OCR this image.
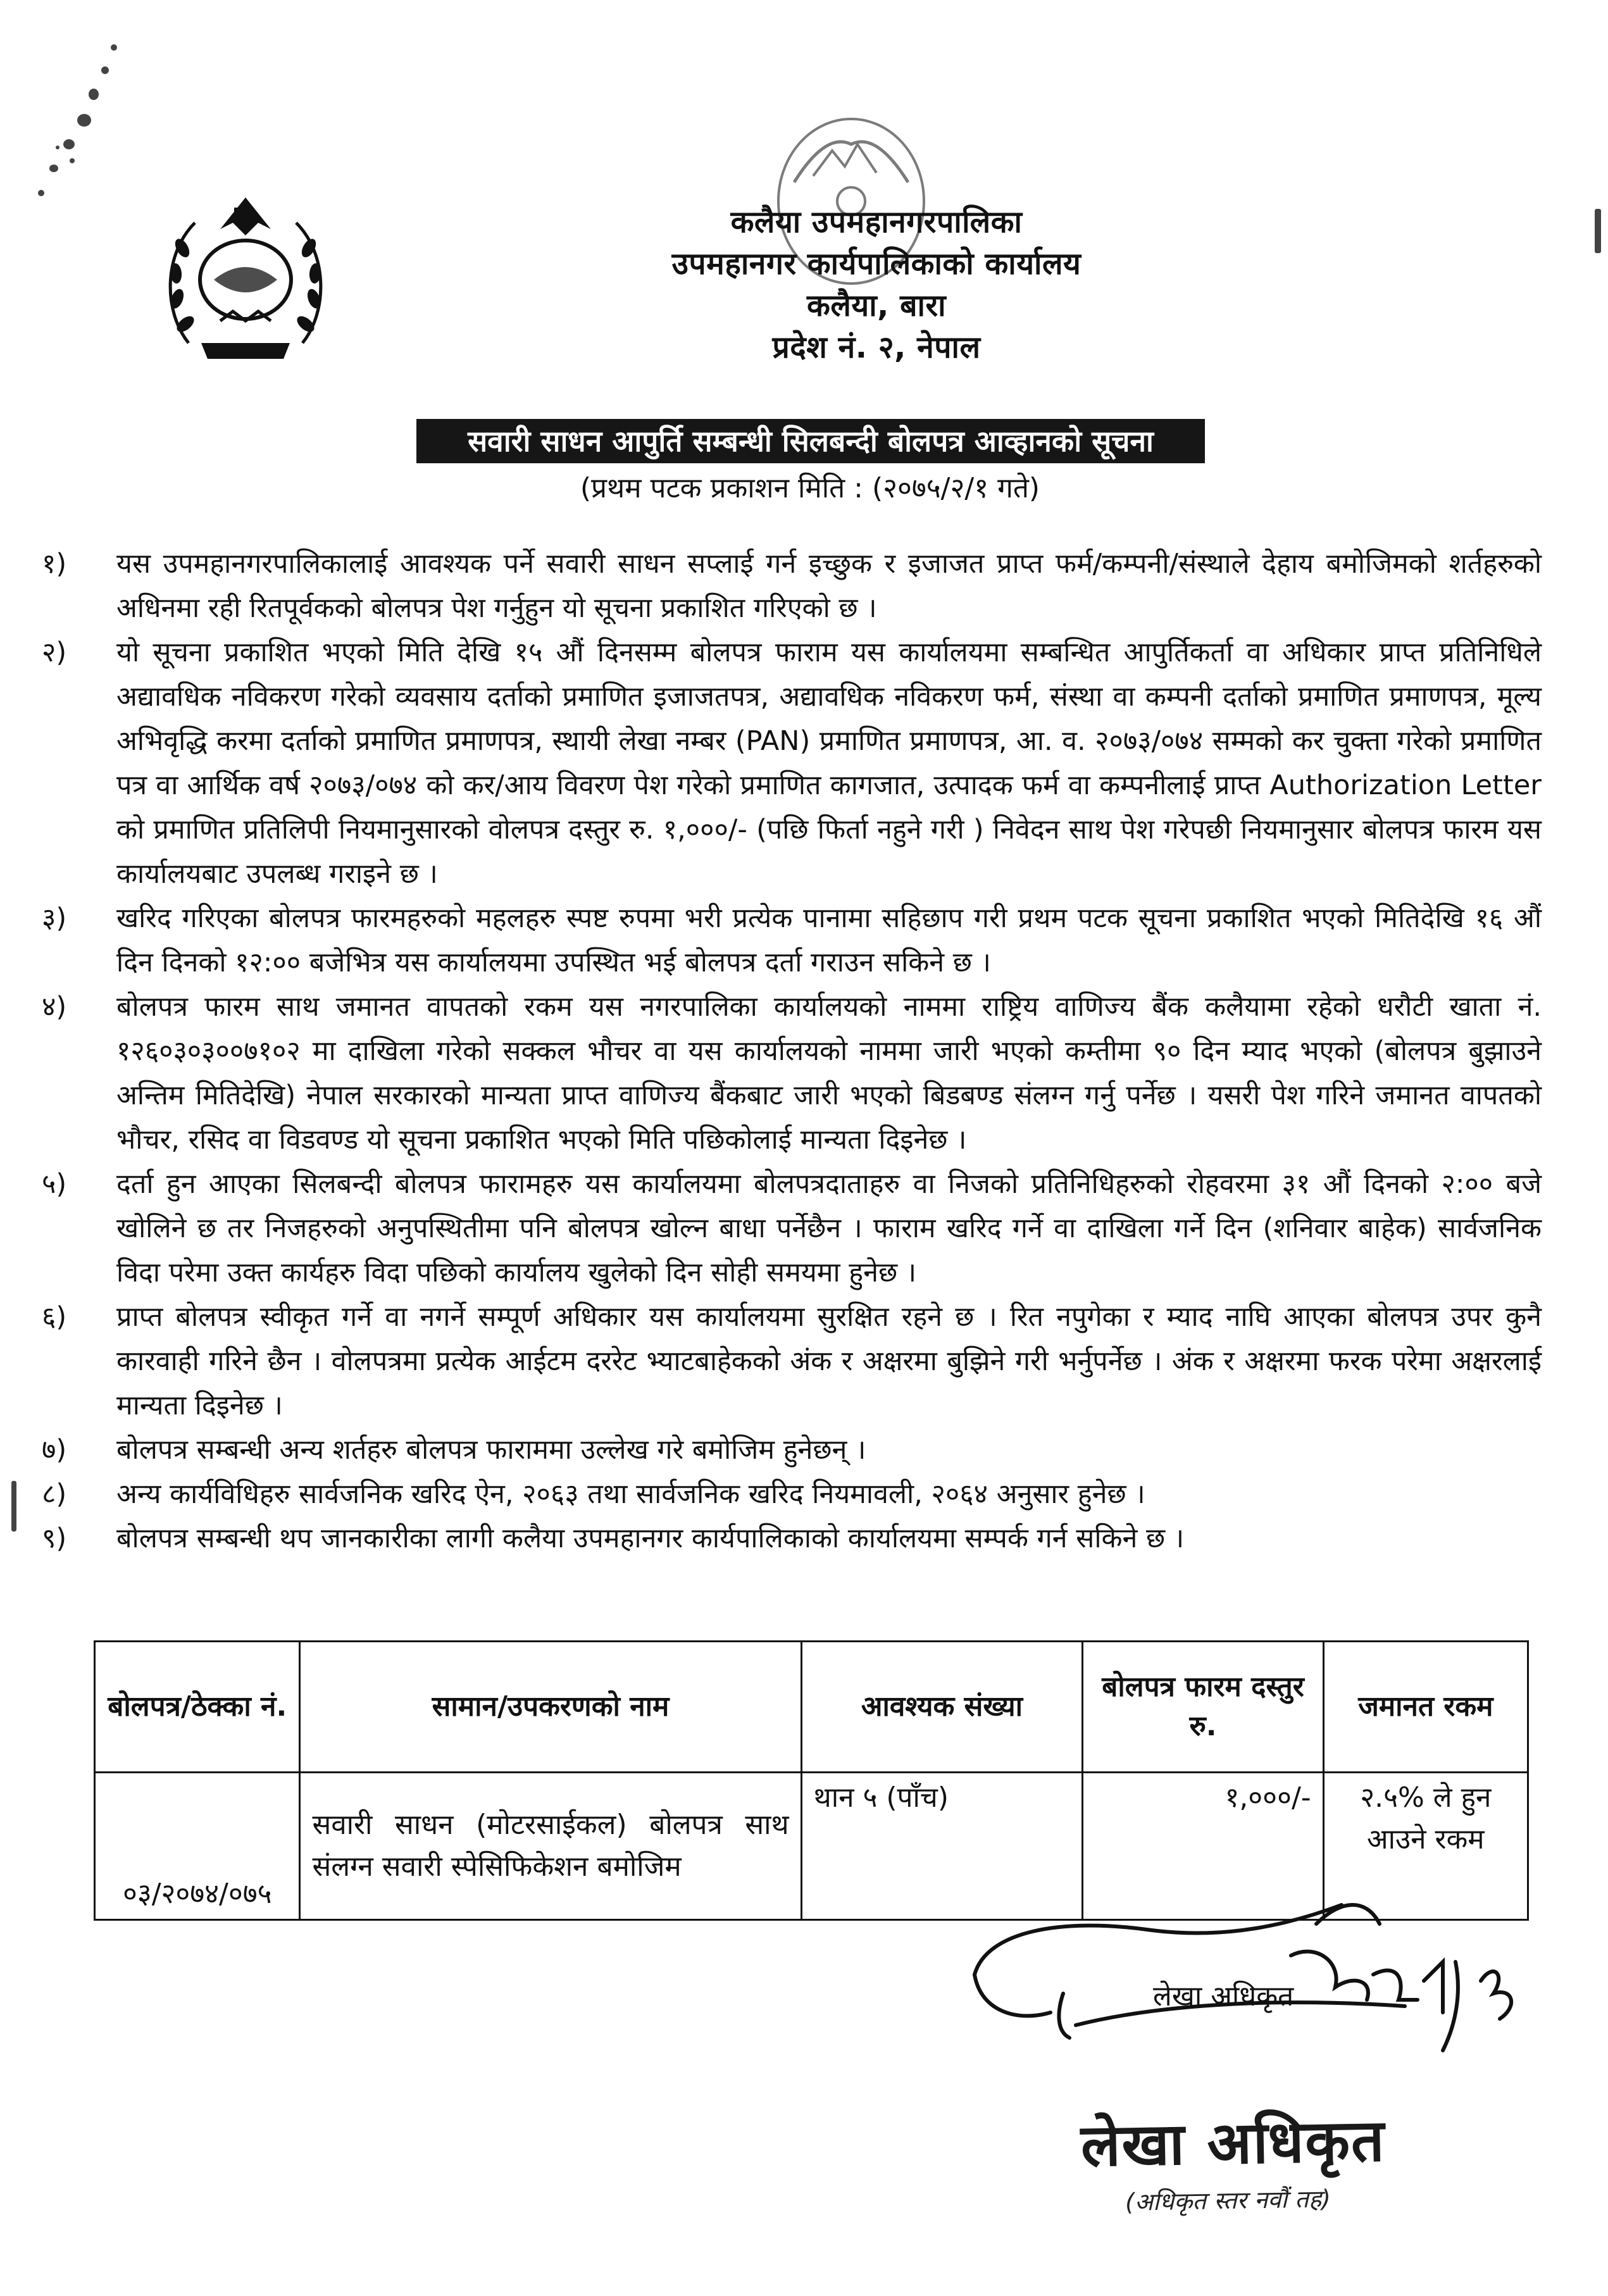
कलैया उपमहानगरपालिका
उपमहानगर कार्यपालिकाको कार्यालय
कलैया, बारा
प्रदेश नं. २, नेपाल
सवारी साधन आपुर्ति सम्बन्धी सिलबन्दी बोलपत्र आव्हानको सूचना
(प्रथम पटक प्रकाशन मिति : (२०७५/२/१ गते)
१)	यस उपमहानगरपालिकालाई आवश्यक पर्ने सवारी साधन सप्लाई गर्न इच्छुक र इजाजत प्राप्त फर्म/कम्पनी/संस्थाले देहाय बमोजिमको शर्तहरुको अधिनमा रही रितपूर्वकको बोलपत्र पेश गर्नुहुन यो सूचना प्रकाशित गरिएको छ ।
२)	यो सूचना प्रकाशित भएको मिति देखि १५ औं दिनसम्म बोलपत्र फाराम यस कार्यालयमा सम्बन्धित आपुर्तिकर्ता वा अधिकार प्राप्त प्रतिनिधिले अद्यावधिक नविकरण गरेको व्यवसाय दर्ताको प्रमाणित इजाजतपत्र, अद्यावधिक नविकरण फर्म, संस्था वा कम्पनी दर्ताको प्रमाणित प्रमाणपत्र, मूल्य अभिवृद्धि करमा दर्ताको प्रमाणित प्रमाणपत्र, स्थायी लेखा नम्बर (PAN) प्रमाणित प्रमाणपत्र, आ. व. २०७३/०७४ सम्मको कर चुक्ता गरेको प्रमाणित पत्र वा आर्थिक वर्ष २०७३/०७४ को कर/आय विवरण पेश गरेको प्रमाणित कागजात, उत्पादक फर्म वा कम्पनीलाई प्राप्त Authorization Letter को प्रमाणित प्रतिलिपी नियमानुसारको वोलपत्र दस्तुर रु. १,०००/- (पछि फिर्ता नहुने गरी ) निवेदन साथ पेश गरेपछी नियमानुसार बोलपत्र फारम यस कार्यालयबाट उपलब्ध गराइने छ ।
३)	खरिद गरिएका बोलपत्र फारमहरुको महलहरु स्पष्ट रुपमा भरी प्रत्येक पानामा सहिछाप गरी प्रथम पटक सूचना प्रकाशित भएको मितिदेखि १६ औं दिन दिनको १२:०० बजेभित्र यस कार्यालयमा उपस्थित भई बोलपत्र दर्ता गराउन सकिने छ ।
४)	बोलपत्र फारम साथ जमानत वापतको रकम यस नगरपालिका कार्यालयको नाममा राष्ट्रिय वाणिज्य बैंक कलैयामा रहेको धरौटी खाता नं. १२६०३०३००७१०२ मा दाखिला गरेको सक्कल भौचर वा यस कार्यालयको नाममा जारी भएको कम्तीमा ९० दिन म्याद भएको (बोलपत्र बुझाउने अन्तिम मितिदेखि) नेपाल सरकारको मान्यता प्राप्त वाणिज्य बैंकबाट जारी भएको बिडबण्ड संलग्न गर्नु पर्नेछ । यसरी पेश गरिने जमानत वापतको भौचर, रसिद वा विडवण्ड यो सूचना प्रकाशित भएको मिति पछिकोलाई मान्यता दिइनेछ ।
५)	दर्ता हुन आएका सिलबन्दी बोलपत्र फारामहरु यस कार्यालयमा बोलपत्रदाताहरु वा निजको प्रतिनिधिहरुको रोहवरमा ३१ औं दिनको २:०० बजे खोलिने छ तर निजहरुको अनुपस्थितीमा पनि बोलपत्र खोल्न बाधा पर्नेछैन । फाराम खरिद गर्ने वा दाखिला गर्ने दिन (शनिवार बाहेक) सार्वजनिक विदा परेमा उक्त कार्यहरु विदा पछिको कार्यालय खुलेको दिन सोही समयमा हुनेछ ।
६)	प्राप्त बोलपत्र स्वीकृत गर्ने वा नगर्ने सम्पूर्ण अधिकार यस कार्यालयमा सुरक्षित रहने छ । रित नपुगेका र म्याद नाघि आएका बोलपत्र उपर कुनै कारवाही गरिने छैन । वोलपत्रमा प्रत्येक आईटम दररेट भ्याटबाहेकको अंक र अक्षरमा बुझिने गरी भर्नुपर्नेछ । अंक र अक्षरमा फरक परेमा अक्षरलाई मान्यता दिइनेछ ।
७)	बोलपत्र सम्बन्धी अन्य शर्तहरु बोलपत्र फाराममा उल्लेख गरे बमोजिम हुनेछन् ।
८)	अन्य कार्यविधिहरु सार्वजनिक खरिद ऐन, २०६३ तथा सार्वजनिक खरिद नियमावली, २०६४ अनुसार हुनेछ ।
९)	बोलपत्र सम्बन्धी थप जानकारीका लागी कलैया उपमहानगर कार्यपालिकाको कार्यालयमा सम्पर्क गर्न सकिने छ ।
बोलपत्र/ठेक्का नं.	सामान/उपकरणको नाम	आवश्यक संख्या	बोलपत्र फारम दस्तुर रु.	जमानत रकम
०३/२०७४/०७५	सवारी साधन (मोटरसाईकल) बोलपत्र साथ संलग्न सवारी स्पेसिफिकेशन बमोजिम	थान ५ (पाँच)	१,०००/-	२.५% ले हुन आउने रकम
लेखा अधिकृत
लेखा अधिकृत
(अधिकृत स्तर नवौं तह)
